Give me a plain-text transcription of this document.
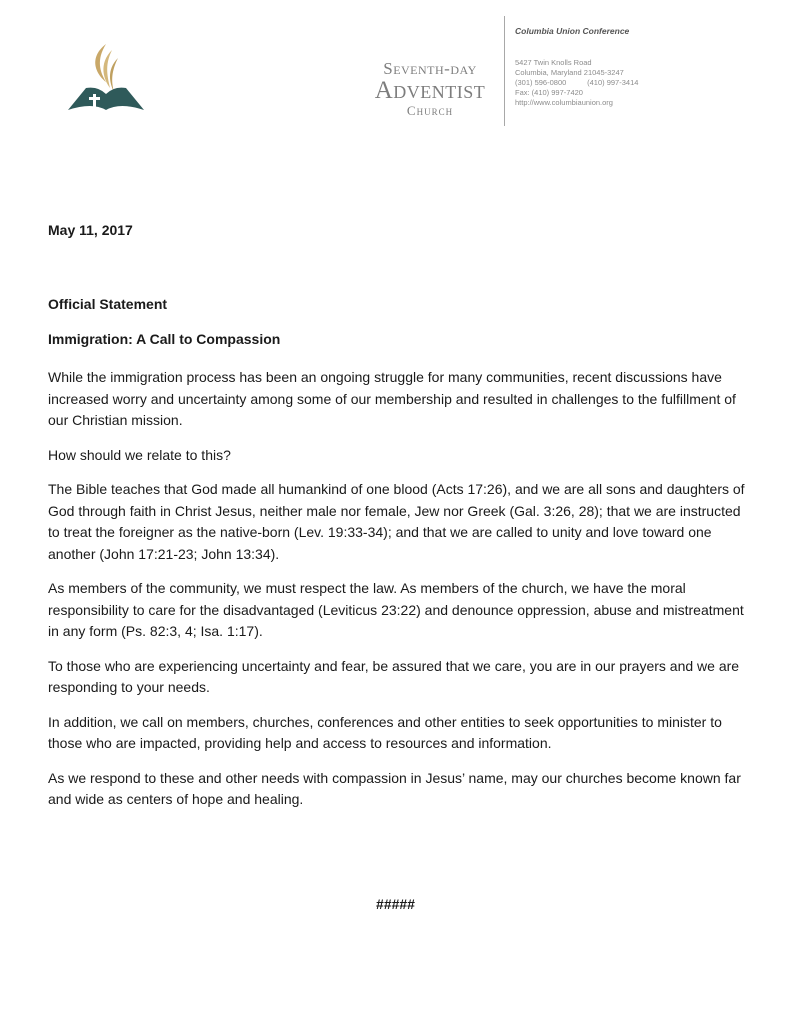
Seventh-day
Adventist
Church
Columbia Union Conference
5427 Twin Knolls Road
Columbia, Maryland 21045-3247
(301) 596-0800          (410) 997-3414
Fax: (410) 997-7420
http://www.columbiaunion.org
May 11, 2017
Official Statement
Immigration: A Call to Compassion

While the immigration process has been an ongoing struggle for many communities, recent discussions have increased worry and uncertainty among some of our membership and resulted in challenges to the fulfillment of our Christian mission.

How should we relate to this?

The Bible teaches that God made all humankind of one blood (Acts 17:26), and we are all sons and daughters of God through faith in Christ Jesus, neither male nor female, Jew nor Greek (Gal. 3:26, 28); that we are instructed to treat the foreigner as the native-born (Lev. 19:33-34); and that we are called to unity and love toward one another (John 17:21-23; John 13:34).

As members of the community, we must respect the law. As members of the church, we have the moral responsibility to care for the disadvantaged (Leviticus 23:22) and denounce oppression, abuse and mistreatment in any form (Ps. 82:3, 4; Isa. 1:17).

To those who are experiencing uncertainty and fear, be assured that we care, you are in our prayers and we are responding to your needs.

In addition, we call on members, churches, conferences and other entities to seek opportunities to minister to those who are impacted, providing help and access to resources and information.

As we respond to these and other needs with compassion in Jesus’ name, may our churches become known far and wide as centers of hope and healing.

#####
